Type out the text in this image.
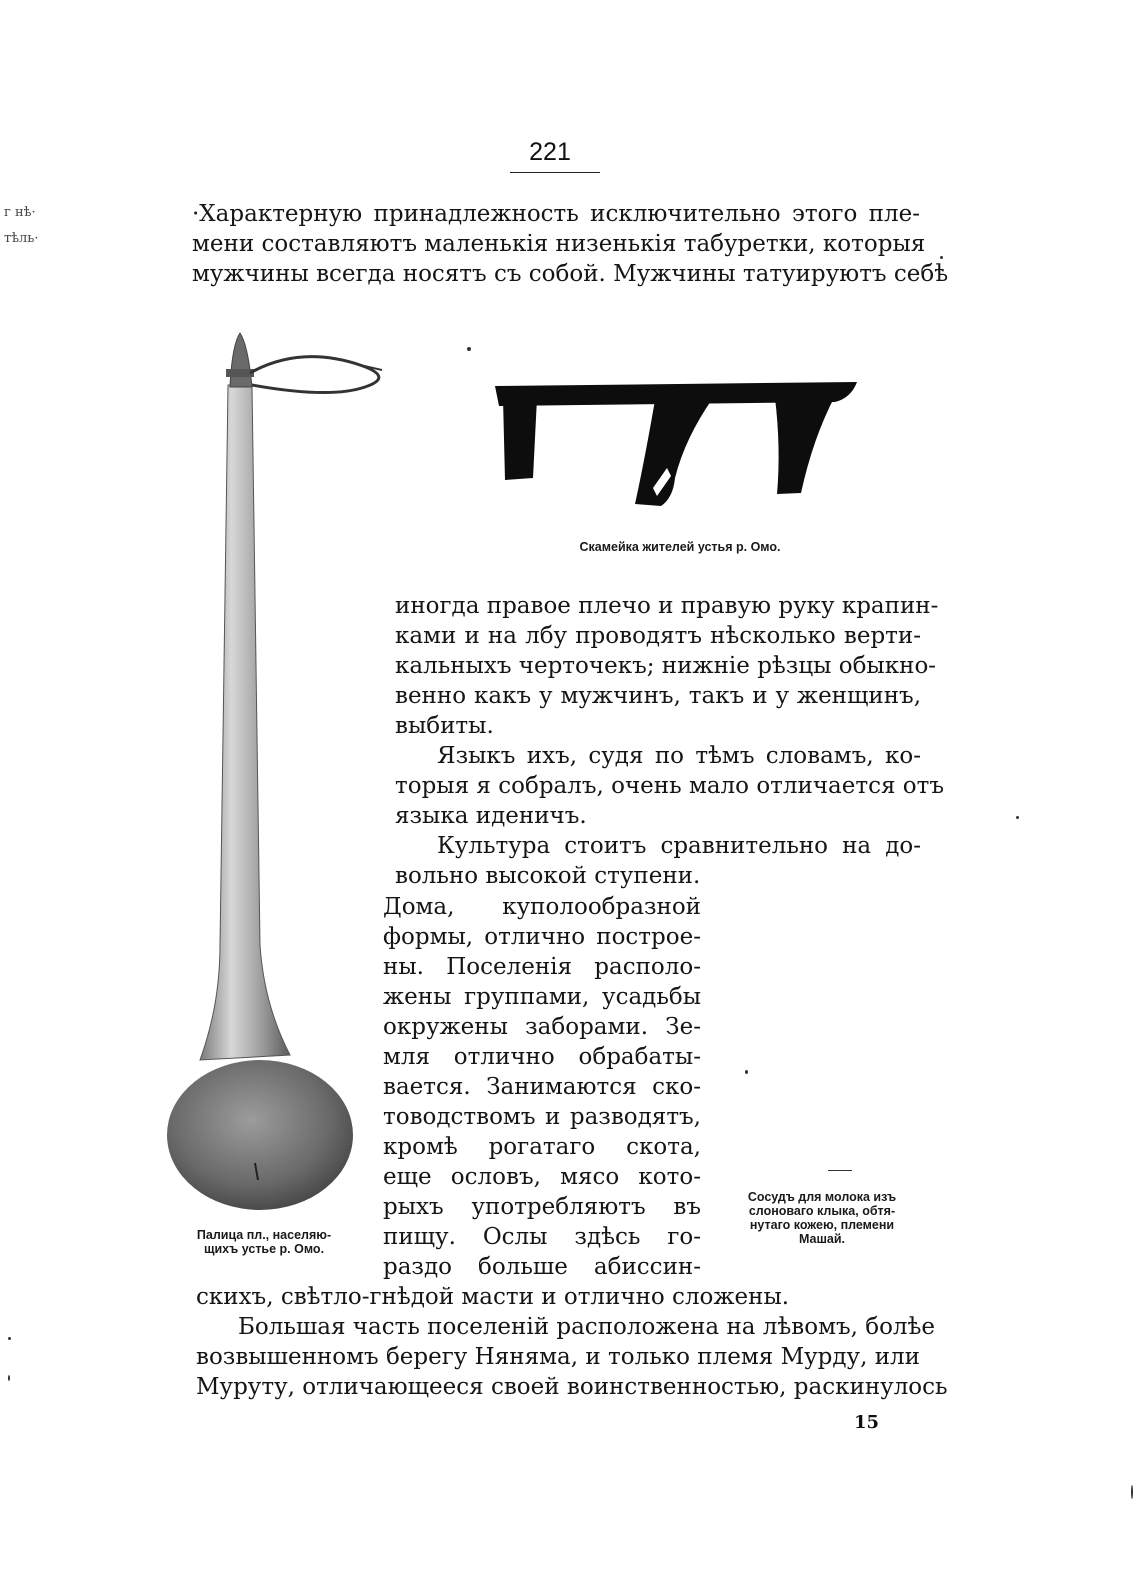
г нѣ·
тѣль·
221
·Характерную принадлежность исключительно этого пле-
мени составляютъ маленькія низенькія табуретки, которыя
мужчины всегда носятъ съ собой. Мужчины татуируютъ себѣ
Палица пл., населяю-
щихъ устье р. Омо.
Скамейка жителей устья р. Омо.
иногда правое плечо и правую руку крапин-
ками и на лбу проводятъ нѣсколько верти-
кальныхъ черточекъ; нижніе рѣзцы обыкно-
венно какъ у мужчинъ, такъ и у женщинъ,
выбиты.
Языкъ ихъ, судя по тѣмъ словамъ, ко-
торыя я собралъ, очень мало отличается отъ
языка иденичъ.
Культура стоитъ сравнительно на до-
вольно высокой ступени.
Дома, куполообразной
формы, отлично построе-
ны. Поселенія располо-
жены группами, усадьбы
окружены заборами. Зе-
мля отлично обрабаты-
вается. Занимаются ско-
товодствомъ и разводятъ,
кромѣ рогатаго скота,
еще ословъ, мясо кото-
рыхъ употребляютъ въ
пищу. Ослы здѣсь го-
раздо больше абиссин-
Сосудъ для молока изъ
слоноваго клыка, обтя-
нутаго кожею, племени
Машай.
скихъ, свѣтло-гнѣдой масти и отлично сложены.
Большая часть поселеній расположена на лѣвомъ, болѣе
возвышенномъ берегу Няняма, и только племя Мурду, или
Муруту, отличающееся своей воинственностью, раскинулось
15
